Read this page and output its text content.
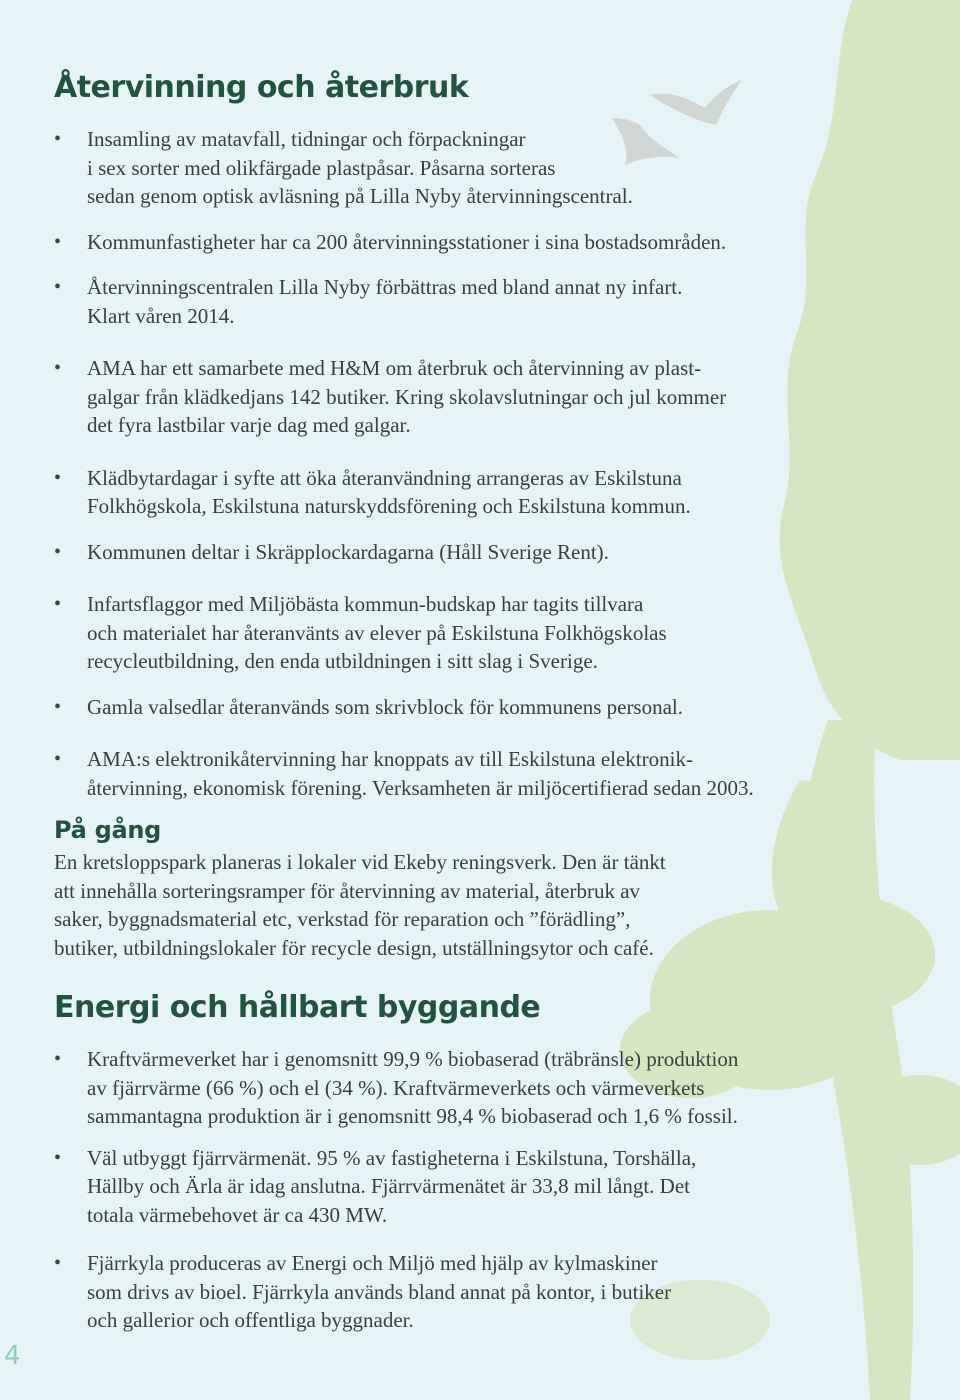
Återvinning och återbruk
• Insamling av matavfall, tidningar och förpackningar
i sex sorter med olikfärgade plastpåsar. Påsarna sorteras
sedan genom optisk avläsning på Lilla Nyby återvinningscentral.
• Kommunfastigheter har ca 200 återvinningsstationer i sina bostadsområden.
• Återvinningscentralen Lilla Nyby förbättras med bland annat ny infart.
Klart våren 2014.
• AMA har ett samarbete med H&M om återbruk och återvinning av plast-
galgar från klädkedjans 142 butiker. Kring skolavslutningar och jul kommer
det fyra lastbilar varje dag med galgar.
• Klädbytardagar i syfte att öka återanvändning arrangeras av Eskilstuna
Folkhögskola, Eskilstuna naturskyddsförening och Eskilstuna kommun.
• Kommunen deltar i Skräpplockardagarna (Håll Sverige Rent).
• Infartsflaggor med Miljöbästa kommun-budskap har tagits tillvara
och materialet har återanvänts av elever på Eskilstuna Folkhögskolas
recycleutbildning, den enda utbildningen i sitt slag i Sverige.
• Gamla valsedlar återanvänds som skrivblock för kommunens personal.
• AMA:s elektronikåtervinning har knoppats av till Eskilstuna elektronik-
återvinning, ekonomisk förening. Verksamheten är miljöcertifierad sedan 2003.
På gång

En kretsloppspark planeras i lokaler vid Ekeby reningsverk. Den är tänkt
att innehålla sorteringsramper för återvinning av material, återbruk av
saker, byggnadsmaterial etc, verkstad för reparation och ”förädling”,
butiker, utbildningslokaler för recycle design, utställningsytor och café.

Energi och hållbart byggande
• Kraftvärmeverket har i genomsnitt 99,9 % biobaserad (träbränsle) produktion
av fjärrvärme (66 %) och el (34 %). Kraftvärmeverkets och värmeverkets
sammantagna produktion är i genomsnitt 98,4 % biobaserad och 1,6 % fossil.
• Väl utbyggt fjärrvärmenät. 95 % av fastigheterna i Eskilstuna, Torshälla,
Hällby och Ärla är idag anslutna. Fjärrvärmenätet är 33,8 mil långt. Det
totala värmebehovet är ca 430 MW.
• Fjärrkyla produceras av Energi och Miljö med hjälp av kylmaskiner
som drivs av bioel. Fjärrkyla används bland annat på kontor, i butiker
och gallerior och offentliga byggnader.
4
